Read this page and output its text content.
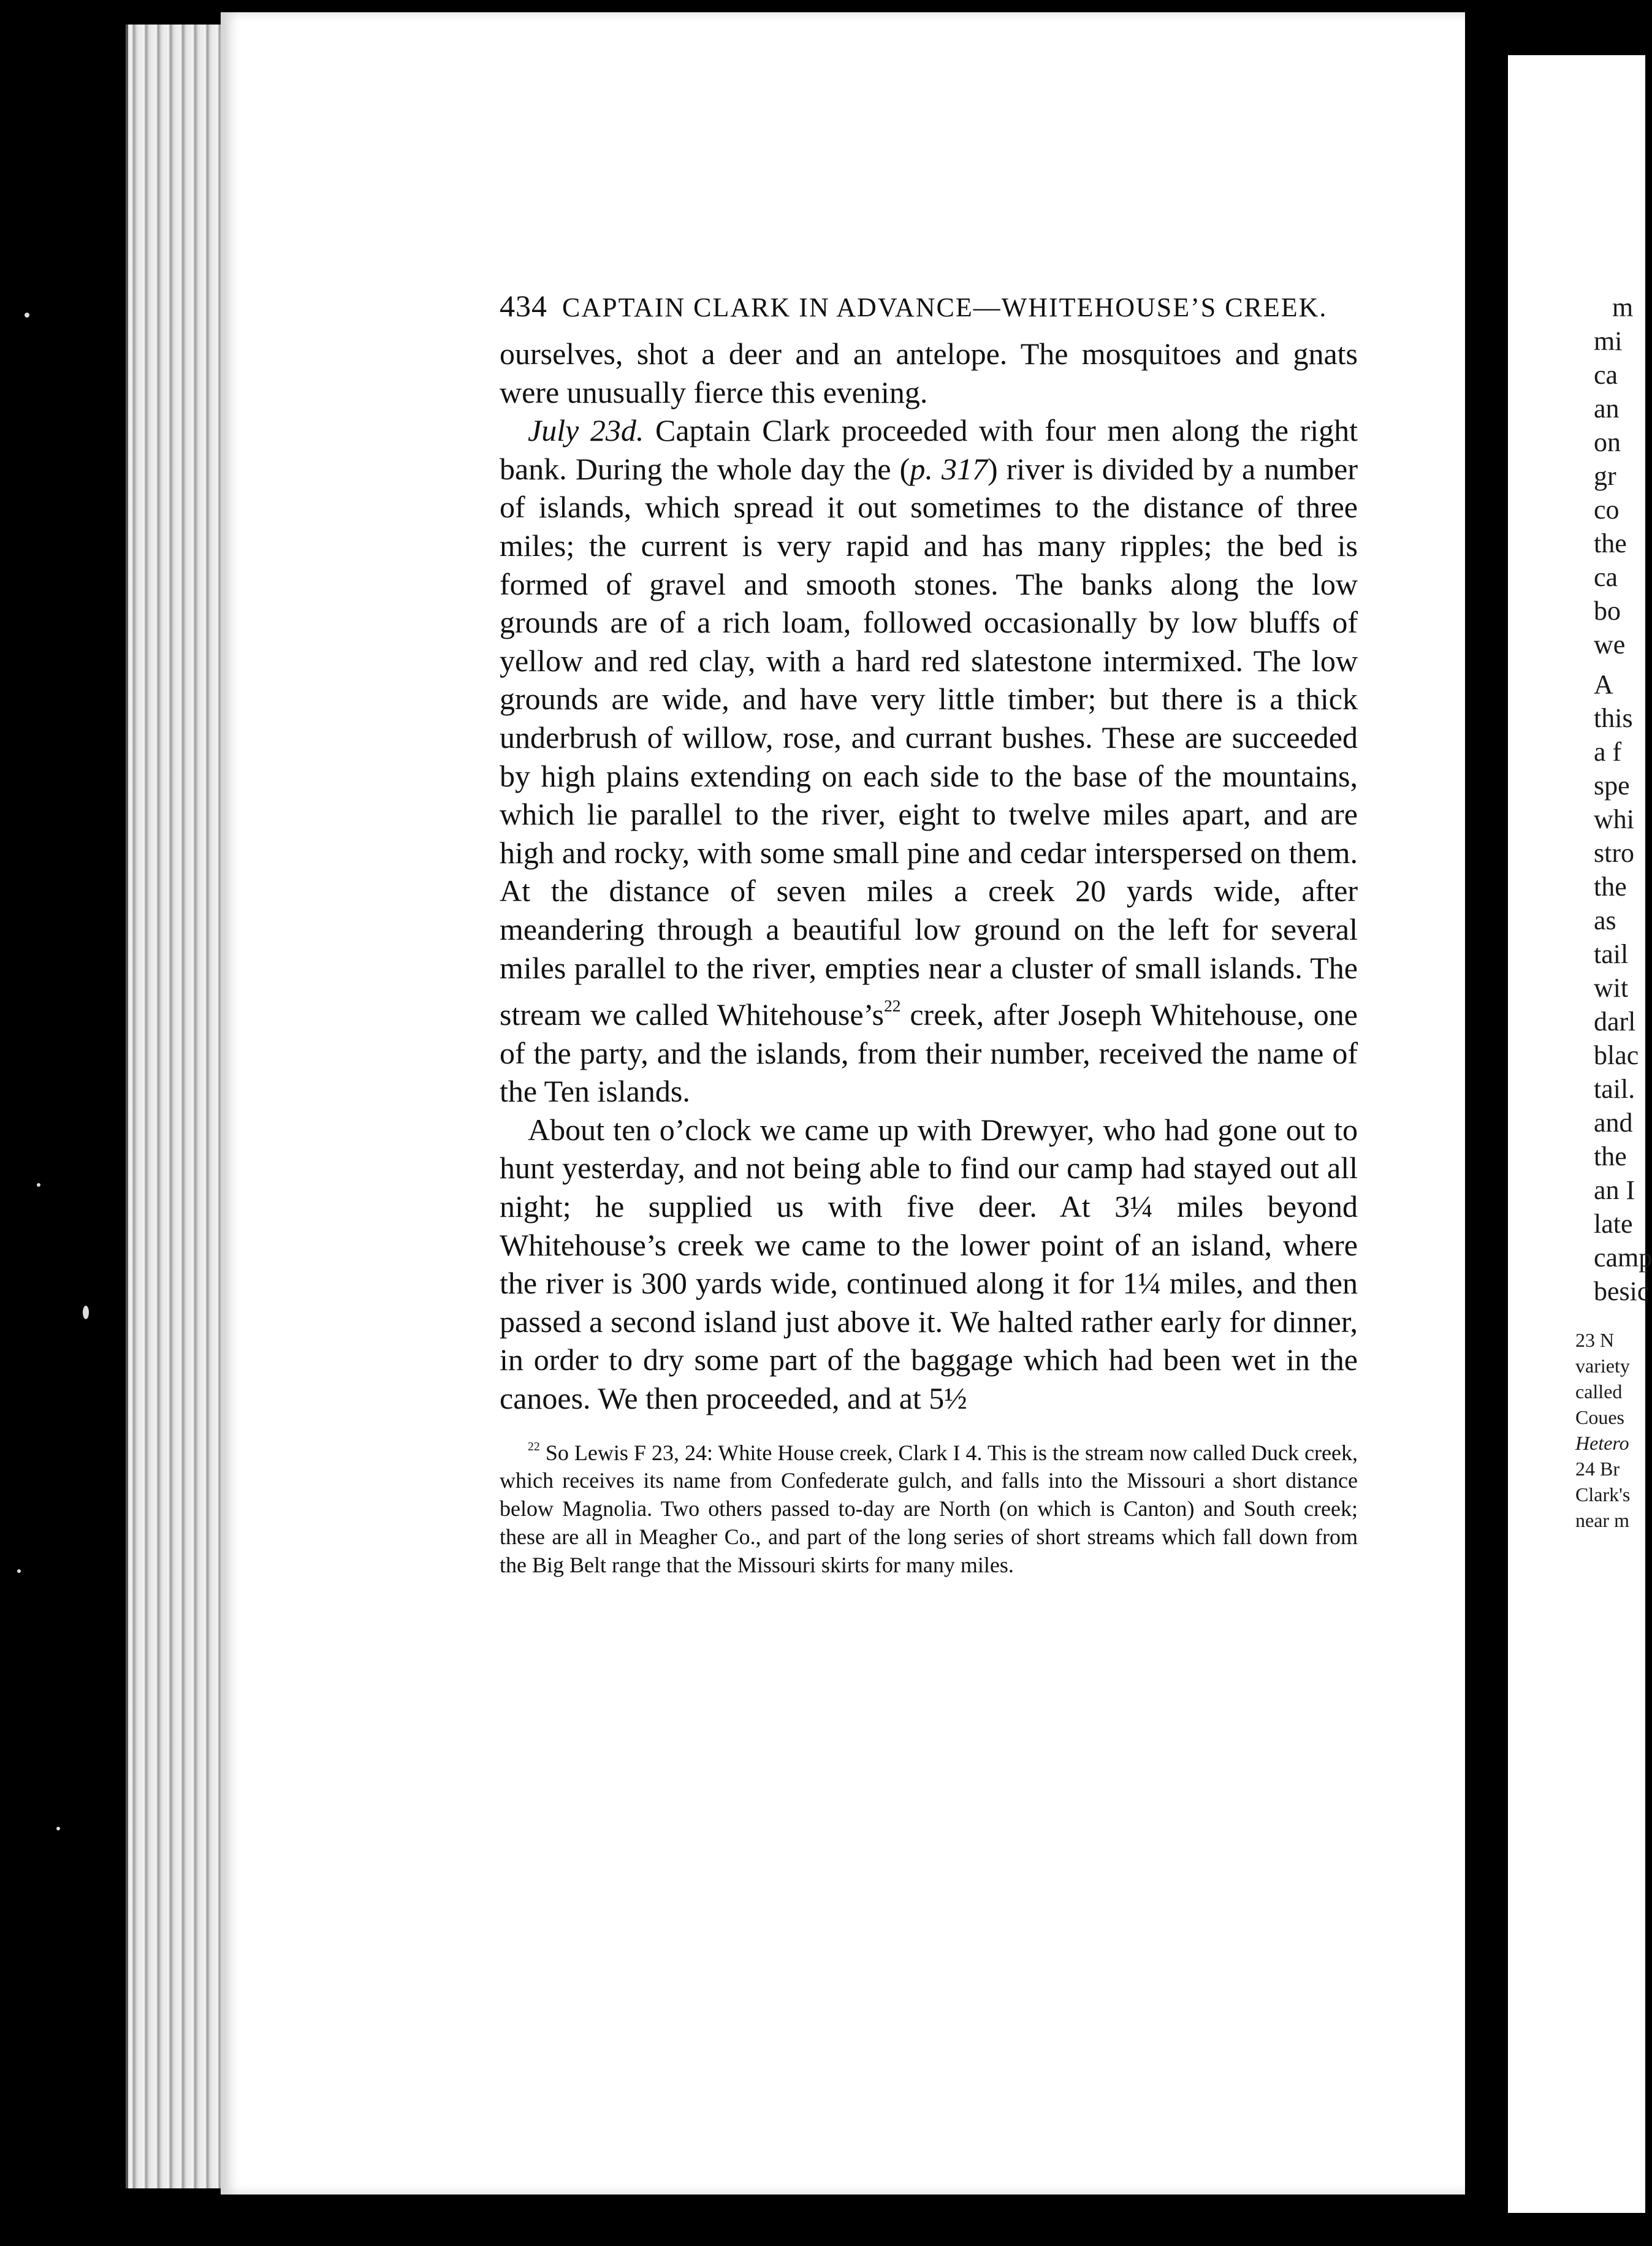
m
mi
ca
an
on
gr
co
the
ca
bo
we
A
this
a f
spe
whi
stro
the
as
tail
wit
darl
blac
tail.
and
the
an I
late
camp
besic
23 N
variety
called
Coues
Hetero
24 Br
Clark's
near m
434 CAPTAIN CLARK IN ADVANCE—WHITEHOUSE’S CREEK.

ourselves, shot a deer and an antelope. The mosquitoes and gnats were unusually fierce this evening.

July 23d. Captain Clark proceeded with four men along the right bank. During the whole day the (p. 317) river is divided by a number of islands, which spread it out sometimes to the distance of three miles; the current is very rapid and has many ripples; the bed is formed of gravel and smooth stones. The banks along the low grounds are of a rich loam, followed occasionally by low bluffs of yellow and red clay, with a hard red slatestone intermixed. The low grounds are wide, and have very little timber; but there is a thick underbrush of willow, rose, and currant bushes. These are succeeded by high plains extending on each side to the base of the mountains, which lie parallel to the river, eight to twelve miles apart, and are high and rocky, with some small pine and cedar interspersed on them. At the distance of seven miles a creek 20 yards wide, after meandering through a beautiful low ground on the left for several miles parallel to the river, empties near a cluster of small islands. The stream we called $Whitehouse’s^{22}$ creek, after Joseph Whitehouse, one of the party, and the islands, from their number, received the name of the Ten islands.

About ten o’clock we came up with Drewyer, who had gone out to hunt yesterday, and not being able to find our camp had stayed out all night; he supplied us with five deer. At 3¼ miles beyond Whitehouse’s creek we came to the lower point of an island, where the river is 300 yards wide, continued along it for 1¼ miles, and then passed a second island just above it. We halted rather early for dinner, in order to dry some part of the baggage which had been wet in the canoes. We then proceeded, and at 5½

$^{22}$ So Lewis F 23, 24: White House creek, Clark I 4. This is the stream now called Duck creek, which receives its name from Confederate gulch, and falls into the Missouri a short distance below Magnolia. Two others passed to-day are North (on which is Canton) and South creek; these are all in Meagher Co., and part of the long series of short streams which fall down from the Big Belt range that the Missouri skirts for many miles.
